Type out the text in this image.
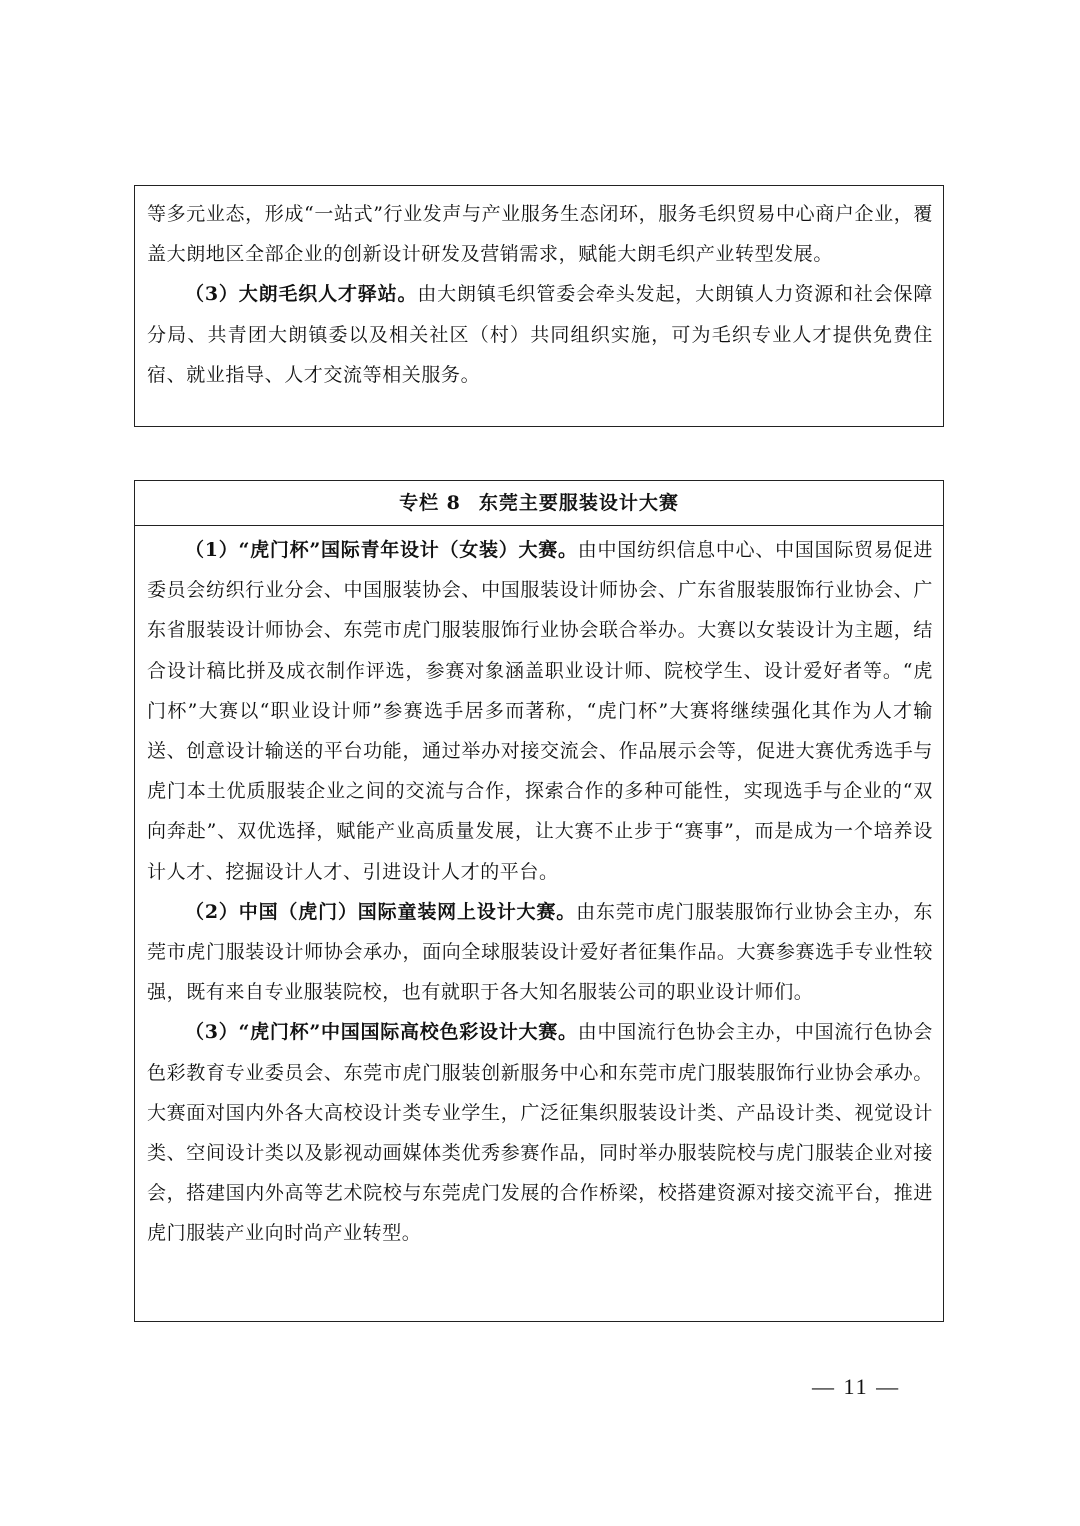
等多元业态，形成“一站式”行业发声与产业服务生态闭环，服务毛织贸易中心商户企业，覆盖大朗地区全部企业的创新设计研发及营销需求，赋能大朗毛织产业转型发展。

（3）大朗毛织人才驿站。由大朗镇毛织管委会牵头发起，大朗镇人力资源和社会保障分局、共青团大朗镇委以及相关社区（村）共同组织实施，可为毛织专业人才提供免费住宿、就业指导、人才交流等相关服务。

专栏 8 东莞主要服装设计大赛

（1）“虎门杯”国际青年设计（女装）大赛。由中国纺织信息中心、中国国际贸易促进委员会纺织行业分会、中国服装协会、中国服装设计师协会、广东省服装服饰行业协会、广东省服装设计师协会、东莞市虎门服装服饰行业协会联合举办。大赛以女装设计为主题，结合设计稿比拼及成衣制作评选，参赛对象涵盖职业设计师、院校学生、设计爱好者等。“虎门杯”大赛以“职业设计师”参赛选手居多而著称，“虎门杯”大赛将继续强化其作为人才输送、创意设计输送的平台功能，通过举办对接交流会、作品展示会等，促进大赛优秀选手与虎门本土优质服装企业之间的交流与合作，探索合作的多种可能性，实现选手与企业的“双向奔赴”、双优选择，赋能产业高质量发展，让大赛不止步于“赛事”，而是成为一个培养设计人才、挖掘设计人才、引进设计人才的平台。

（2）中国（虎门）国际童装网上设计大赛。由东莞市虎门服装服饰行业协会主办，东莞市虎门服装设计师协会承办，面向全球服装设计爱好者征集作品。大赛参赛选手专业性较强，既有来自专业服装院校，也有就职于各大知名服装公司的职业设计师们。

（3）“虎门杯”中国国际高校色彩设计大赛。由中国流行色协会主办，中国流行色协会色彩教育专业委员会、东莞市虎门服装创新服务中心和东莞市虎门服装服饰行业协会承办。大赛面对国内外各大高校设计类专业学生，广泛征集织服装设计类、产品设计类、视觉设计类、空间设计类以及影视动画媒体类优秀参赛作品，同时举办服装院校与虎门服装企业对接会，搭建国内外高等艺术院校与东莞虎门发展的合作桥梁，校搭建资源对接交流平台，推进虎门服装产业向时尚产业转型。

— 11 —
